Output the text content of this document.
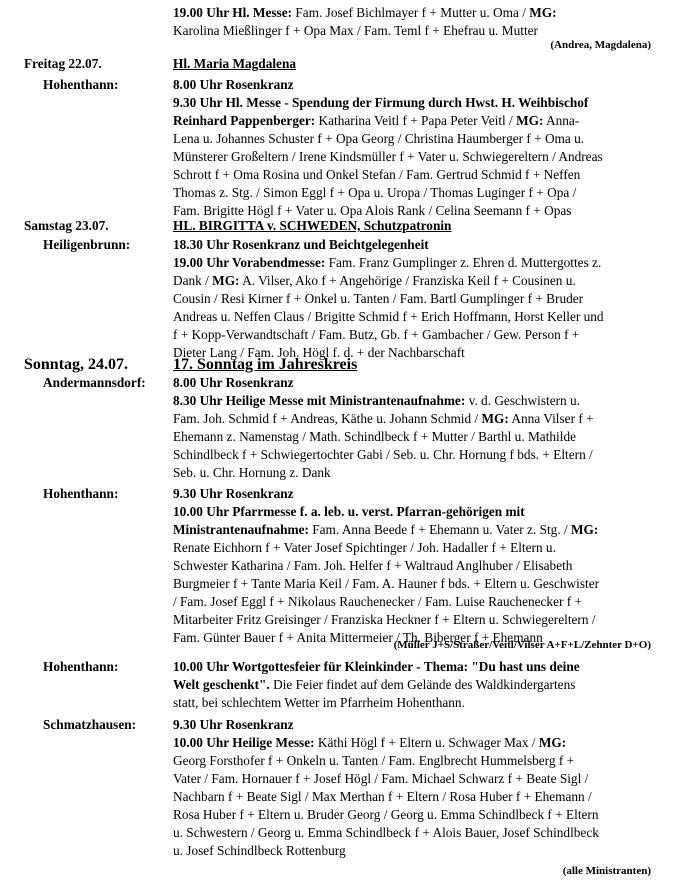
19.00 Uhr Hl. Messe: Fam. Josef Bichlmayer f + Mutter u. Oma / MG:
Karolina Mießlinger f + Opa Max / Fam. Teml f + Ehefrau u. Mutter
(Andrea, Magdalena)
Freitag 22.07.	Hl. Maria Magdalena
Hohenthann:	8.00 Uhr Rosenkranz
9.30 Uhr Hl. Messe - Spendung der Firmung durch Hwst. H. Weihbischof
Reinhard Pappenberger: Katharina Veitl f + Papa Peter Veitl / MG: Anna-
Lena u. Johannes Schuster f + Opa Georg / Christina Haumberger f + Oma u.
Münsterer Großeltern / Irene Kindsmüller f + Vater u. Schwiegereltern / Andreas
Schrott f + Oma Rosina und Onkel Stefan / Fam. Gertrud Schmid f + Neffen
Thomas z. Stg. / Simon Eggl f + Opa u. Uropa / Thomas Luginger f + Opa /
Fam. Brigitte Högl f + Vater u. Opa Alois Rank / Celina Seemann f + Opas
Samstag 23.07.	HL. BIRGITTA v. SCHWEDEN, Schutzpatronin
Heiligenbrunn:	18.30 Uhr Rosenkranz und Beichtgelegenheit
19.00 Uhr Vorabendmesse: Fam. Franz Gumplinger z. Ehren d. Muttergottes z.
Dank / MG: A. Vilser, Ako f + Angehörige / Franziska Keil f + Cousinen u.
Cousin / Resi Kirner f + Onkel u. Tanten / Fam. Bartl Gumplinger f + Bruder
Andreas u. Neffen Claus / Brigitte Schmid f + Erich Hoffmann, Horst Keller und
f + Kopp-Verwandtschaft / Fam. Butz, Gb. f + Gambacher / Gew. Person f +
Dieter Lang / Fam. Joh. Högl f. d. + der Nachbarschaft
Sonntag, 24.07.	17. Sonntag im Jahreskreis
Andermannsdorf: 8.00 Uhr Rosenkranz
8.30 Uhr Heilige Messe mit Ministrantenaufnahme: v. d. Geschwistern u.
Fam. Joh. Schmid f + Andreas, Käthe u. Johann Schmid / MG: Anna Vilser f +
Ehemann z. Namenstag / Math. Schindlbeck f + Mutter / Barthl u. Mathilde
Schindlbeck f + Schwiegertochter Gabi / Seb. u. Chr. Hornung f bds. + Eltern /
Seb. u. Chr. Hornung z. Dank
Hohenthann:	9.30 Uhr Rosenkranz
10.00 Uhr Pfarrmesse f. a. leb. u. verst. Pfarran-gehörigen mit
Ministrantenaufnahme: Fam. Anna Beede f + Ehemann u. Vater z. Stg. / MG:
Renate Eichhorn f + Vater Josef Spichtinger / Joh. Hadaller f + Eltern u.
Schwester Katharina / Fam. Joh. Helfer f + Waltraud Anglhuber / Elisabeth
Burgmeier f + Tante Maria Keil / Fam. A. Hauner f bds. + Eltern u. Geschwister
/ Fam. Josef Eggl f + Nikolaus Rauchenecker / Fam. Luise Rauchenecker f +
Mitarbeiter Fritz Greisinger / Franziska Heckner f + Eltern u. Schwiegereltern /
Fam. Günter Bauer f + Anita Mittermeier / Th. Biberger f + Ehemann
(Müller J+S/Straßer/Veitl/Vilser A+F+L/Zehnter D+O)
Hohenthann:	10.00 Uhr Wortgottesfeier für Kleinkinder - Thema: "Du hast uns deine
Welt geschenkt". Die Feier findet auf dem Gelände des Waldkindergartens
statt, bei schlechtem Wetter im Pfarrheim Hohenthann.
Schmatzhausen:	9.30 Uhr Rosenkranz
10.00 Uhr Heilige Messe: Käthi Högl f + Eltern u. Schwager Max / MG:
Georg Forsthofer f + Onkeln u. Tanten / Fam. Englbrecht Hummelsberg f +
Vater / Fam. Hornauer f + Josef Högl / Fam. Michael Schwarz f + Beate Sigl /
Nachbarn f + Beate Sigl / Max Merthan f + Eltern / Rosa Huber f + Ehemann /
Rosa Huber f + Eltern u. Bruder Georg / Georg u. Emma Schindlbeck f + Eltern
u. Schwestern / Georg u. Emma Schindlbeck f + Alois Bauer, Josef Schindlbeck
u. Josef Schindlbeck Rottenburg
(alle Ministranten)
